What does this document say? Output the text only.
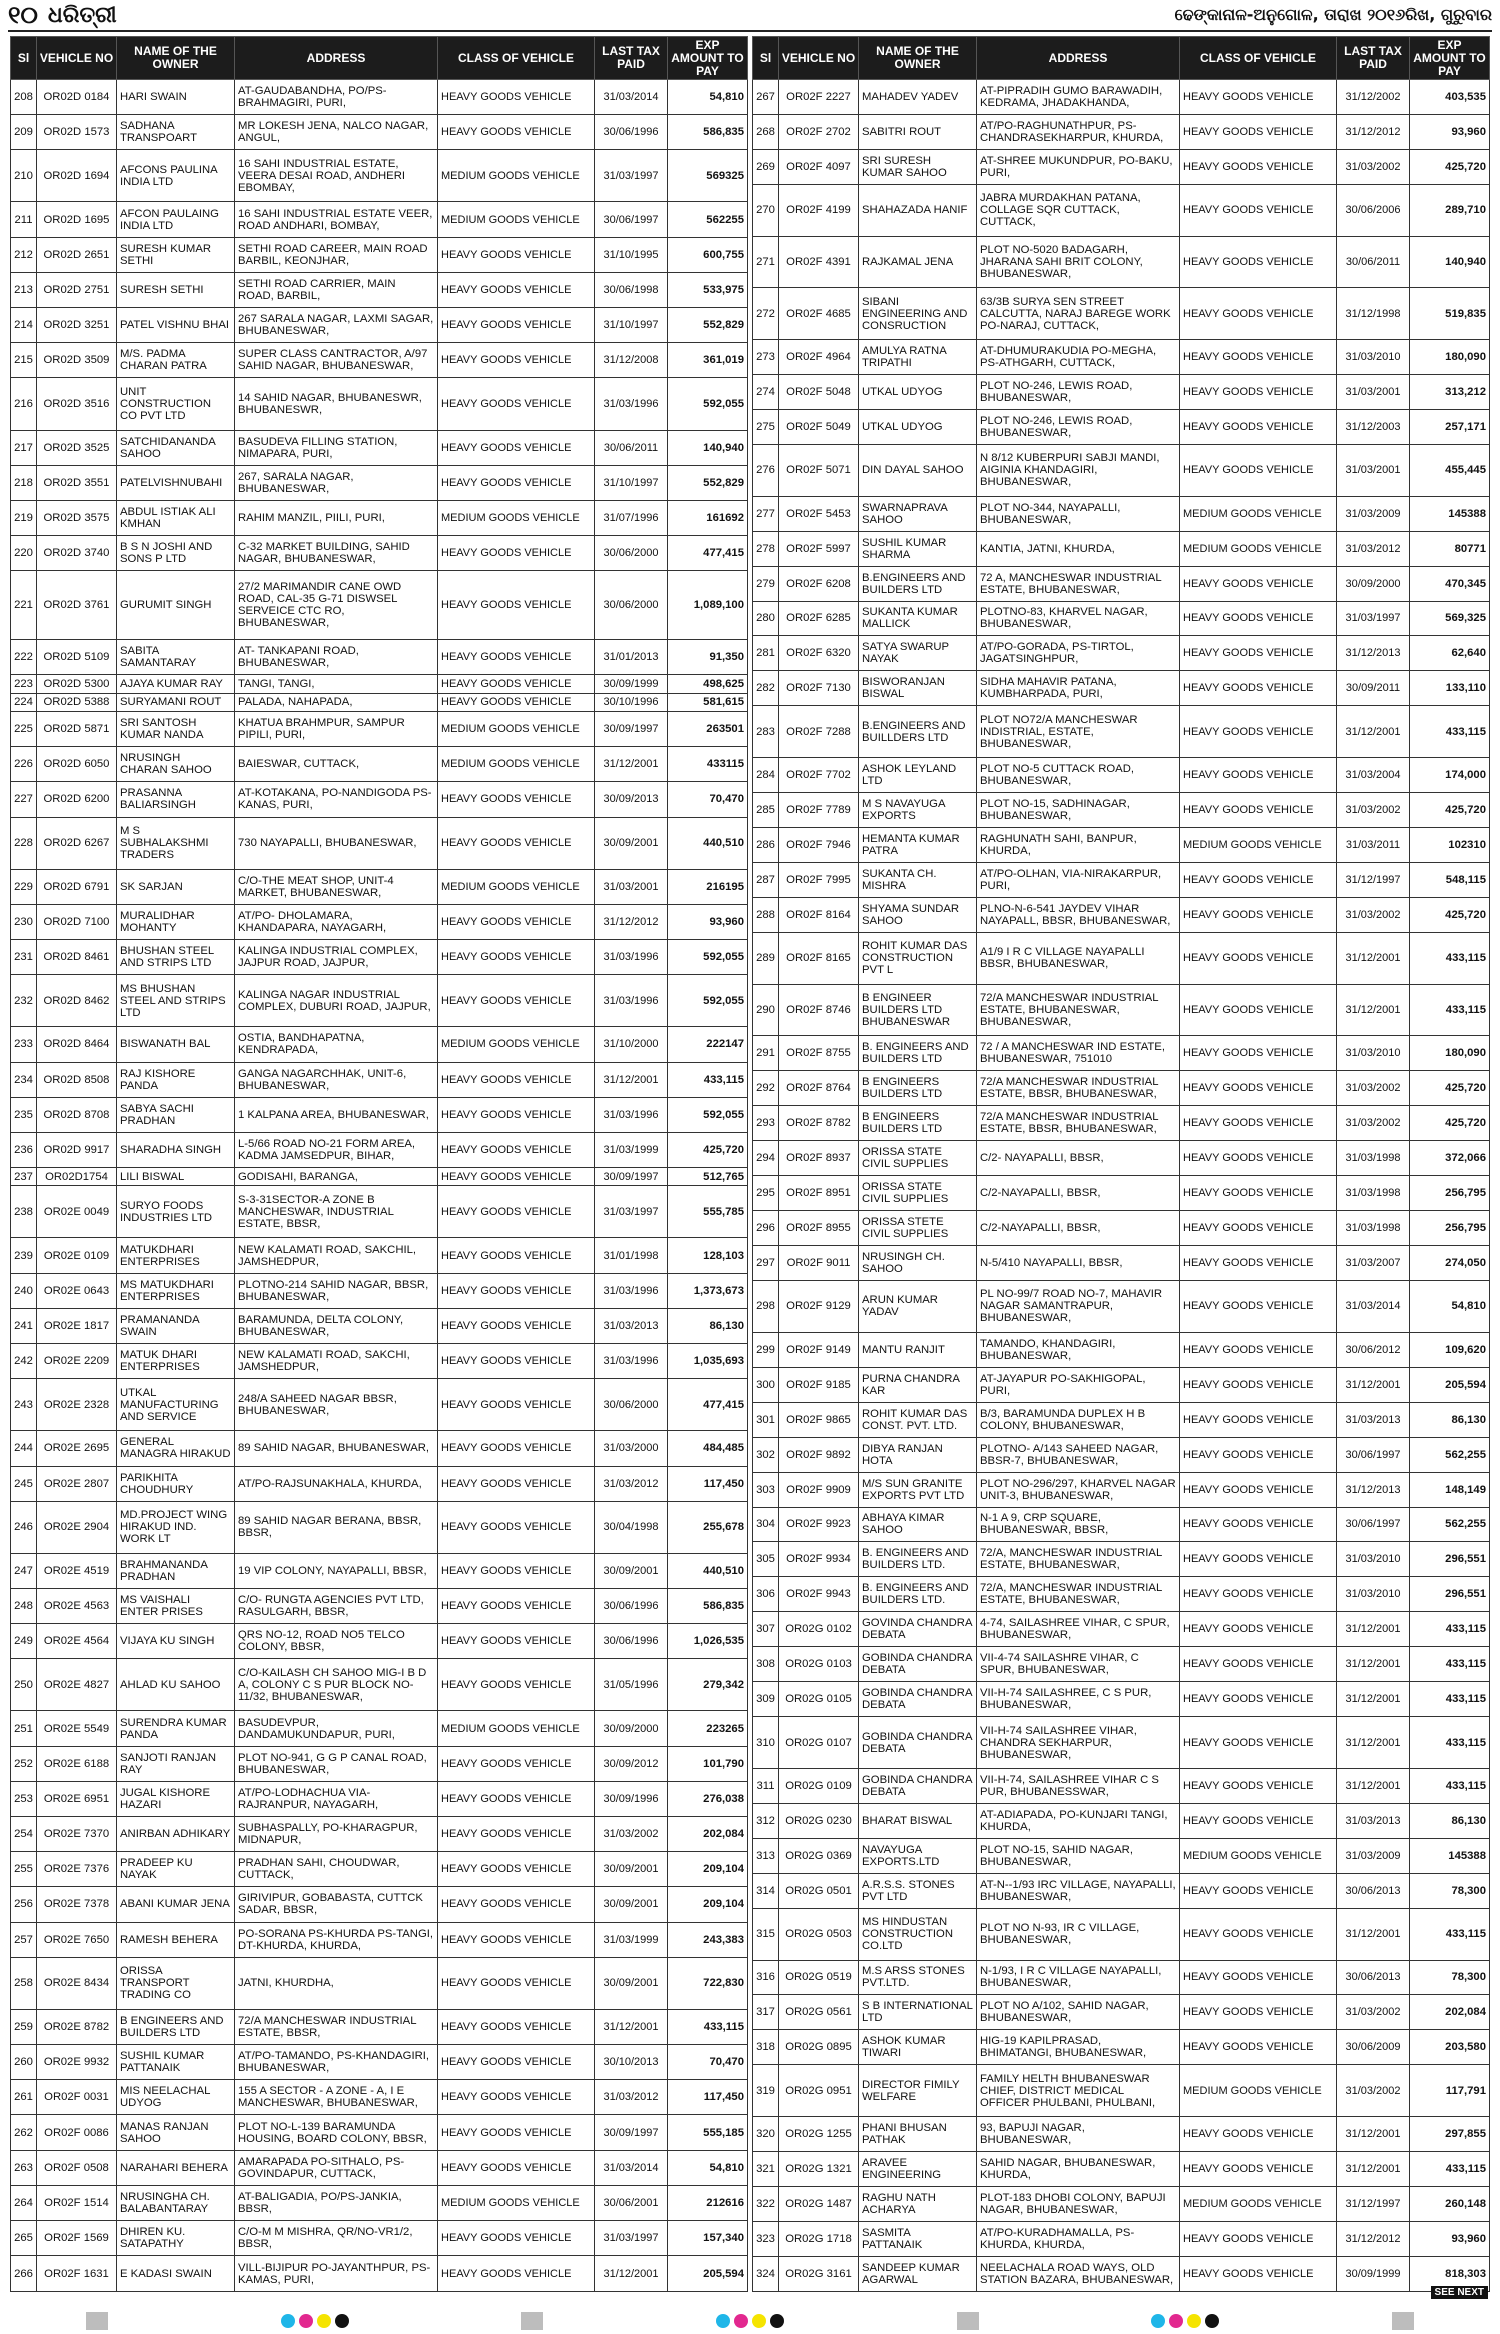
୧୦ ଧରିତ୍ରୀ	ଢେଙ୍କାନାଳ-ଅନୁଗୋଳ, ତାରାଖ ୨୦୧୬ରିଖ, ଗୁରୁବାର
Sl	VEHICLE NO	NAME OF THE OWNER	ADDRESS	CLASS OF VEHICLE	LAST TAX PAID	EXP AMOUNT TO PAY
208	OR02D 0184	HARI SWAIN	AT-GAUDABANDHA, PO/PS-BRAHMAGIRI, PURI,	HEAVY GOODS VEHICLE	31/03/2014	54,810
209	OR02D 1573	SADHANA TRANSPOART	MR LOKESH JENA, NALCO NAGAR, ANGUL,	HEAVY GOODS VEHICLE	30/06/1996	586,835
210	OR02D 1694	AFCONS PAULINA INDIA LTD	16 SAHI INDUSTRIAL ESTATE, VEERA DESAI ROAD, ANDHERI EBOMBAY,	MEDIUM GOODS VEHICLE	31/03/1997	569325
211	OR02D 1695	AFCON PAULAING INDIA LTD	16 SAHI INDUSTRIAL ESTATE VEER, ROAD ANDHARI, BOMBAY,	MEDIUM GOODS VEHICLE	30/06/1997	562255
212	OR02D 2651	SURESH KUMAR SETHI	SETHI ROAD CAREER, MAIN ROAD BARBIL, KEONJHAR,	HEAVY GOODS VEHICLE	31/10/1995	600,755
213	OR02D 2751	SURESH SETHI	SETHI ROAD CARRIER, MAIN ROAD, BARBIL,	HEAVY GOODS VEHICLE	30/06/1998	533,975
214	OR02D 3251	PATEL VISHNU BHAI	267 SARALA NAGAR, LAXMI SAGAR, BHUBANESWAR,	HEAVY GOODS VEHICLE	31/10/1997	552,829
215	OR02D 3509	M/S. PADMA CHARAN PATRA	SUPER CLASS CANTRACTOR, A/97 SAHID NAGAR, BHUBANESWAR,	HEAVY GOODS VEHICLE	31/12/2008	361,019
216	OR02D 3516	UNIT CONSTRUCTION CO PVT LTD	14 SAHID NAGAR, BHUBANESWR, BHUBANESWR,	HEAVY GOODS VEHICLE	31/03/1996	592,055
217	OR02D 3525	SATCHIDANANDA SAHOO	BASUDEVA FILLING STATION, NIMAPARA, PURI,	HEAVY GOODS VEHICLE	30/06/2011	140,940
218	OR02D 3551	PATELVISHNUBAHI	267, SARALA NAGAR, BHUBANESWAR,	HEAVY GOODS VEHICLE	31/10/1997	552,829
219	OR02D 3575	ABDUL ISTIAK ALI KMHAN	RAHIM MANZIL, PIILI, PURI,	MEDIUM GOODS VEHICLE	31/07/1996	161692
220	OR02D 3740	B S N JOSHI AND SONS P LTD	C-32 MARKET BUILDING, SAHID NAGAR, BHUBANESWAR,	HEAVY GOODS VEHICLE	30/06/2000	477,415
221	OR02D 3761	GURUMIT SINGH	27/2 MARIMANDIR CANE OWD ROAD, CAL-35 G-71 DISWSEL SERVEICE CTC RO, BHUBANESWAR,	HEAVY GOODS VEHICLE	30/06/2000	1,089,100
222	OR02D 5109	SABITA SAMANTARAY	AT- TANKAPANI ROAD, BHUBANESWAR,	HEAVY GOODS VEHICLE	31/01/2013	91,350
223	OR02D 5300	AJAYA KUMAR RAY	TANGI, TANGI,	HEAVY GOODS VEHICLE	30/09/1999	498,625
224	OR02D 5388	SURYAMANI ROUT	PALADA, NAHAPADA,	HEAVY GOODS VEHICLE	30/10/1996	581,615
225	OR02D 5871	SRI SANTOSH KUMAR NANDA	KHATUA BRAHMPUR, SAMPUR PIPILI, PURI,	MEDIUM GOODS VEHICLE	30/09/1997	263501
226	OR02D 6050	NRUSINGH CHARAN SAHOO	BAIESWAR, CUTTACK,	MEDIUM GOODS VEHICLE	31/12/2001	433115
227	OR02D 6200	PRASANNA BALIARSINGH	AT-KOTAKANA, PO-NANDIGODA PS-KANAS, PURI,	HEAVY GOODS VEHICLE	30/09/2013	70,470
228	OR02D 6267	M S SUBHALAKSHMI TRADERS	730 NAYAPALLI, BHUBANESWAR,	HEAVY GOODS VEHICLE	30/09/2001	440,510
229	OR02D 6791	SK SARJAN	C/O-THE MEAT SHOP, UNIT-4 MARKET, BHUBANESWAR,	MEDIUM GOODS VEHICLE	31/03/2001	216195
230	OR02D 7100	MURALIDHAR MOHANTY	AT/PO- DHOLAMARA, KHANDAPARA, NAYAGARH,	HEAVY GOODS VEHICLE	31/12/2012	93,960
231	OR02D 8461	BHUSHAN STEEL AND STRIPS LTD	KALINGA INDUSTRIAL COMPLEX, JAJPUR ROAD, JAJPUR,	HEAVY GOODS VEHICLE	31/03/1996	592,055
232	OR02D 8462	MS BHUSHAN STEEL AND STRIPS LTD	KALINGA NAGAR INDUSTRIAL COMPLEX, DUBURI ROAD, JAJPUR,	HEAVY GOODS VEHICLE	31/03/1996	592,055
233	OR02D 8464	BISWANATH BAL	OSTIA, BANDHAPATNA, KENDRAPADA,	MEDIUM GOODS VEHICLE	31/10/2000	222147
234	OR02D 8508	RAJ KISHORE PANDA	GANGA NAGARCHHAK, UNIT-6, BHUBANESWAR,	HEAVY GOODS VEHICLE	31/12/2001	433,115
235	OR02D 8708	SABYA SACHI PRADHAN	1 KALPANA AREA, BHUBANESWAR,	HEAVY GOODS VEHICLE	31/03/1996	592,055
236	OR02D 9917	SHARADHA SINGH	L-5/66 ROAD NO-21 FORM AREA, KADMA JAMSEDPUR, BIHAR,	HEAVY GOODS VEHICLE	31/03/1999	425,720
237	OR02D1754	LILI BISWAL	GODISAHI, BARANGA,	HEAVY GOODS VEHICLE	30/09/1997	512,765
238	OR02E 0049	SURYO FOODS INDUSTRIES LTD	S-3-31SECTOR-A ZONE B MANCHESWAR, INDUSTRIAL ESTATE, BBSR,	HEAVY GOODS VEHICLE	31/03/1997	555,785
239	OR02E 0109	MATUKDHARI ENTERPRISES	NEW KALAMATI ROAD, SAKCHIL, JAMSHEDPUR,	HEAVY GOODS VEHICLE	31/01/1998	128,103
240	OR02E 0643	MS MATUKDHARI ENTERPRISES	PLOTNO-214 SAHID NAGAR, BBSR, BHUBANESWAR,	HEAVY GOODS VEHICLE	31/03/1996	1,373,673
241	OR02E 1817	PRAMANANDA SWAIN	BARAMUNDA, DELTA COLONY, BHUBANESWAR,	HEAVY GOODS VEHICLE	31/03/2013	86,130
242	OR02E 2209	MATUK DHARI ENTERPRISES	NEW KALAMATI ROAD, SAKCHI, JAMSHEDPUR,	HEAVY GOODS VEHICLE	31/03/1996	1,035,693
243	OR02E 2328	UTKAL MANUFACTURING AND SERVICE	248/A SAHEED NAGAR BBSR, BHUBANESWAR,	HEAVY GOODS VEHICLE	30/06/2000	477,415
244	OR02E 2695	GENERAL MANAGRA HIRAKUD	89 SAHID NAGAR, BHUBANESWAR,	HEAVY GOODS VEHICLE	31/03/2000	484,485
245	OR02E 2807	PARIKHITA CHOUDHURY	AT/PO-RAJSUNAKHALA, KHURDA,	HEAVY GOODS VEHICLE	31/03/2012	117,450
246	OR02E 2904	MD.PROJECT WING HIRAKUD IND. WORK LT	89 SAHID NAGAR BERANA, BBSR, BBSR,	HEAVY GOODS VEHICLE	30/04/1998	255,678
247	OR02E 4519	BRAHMANANDA PRADHAN	19 VIP COLONY, NAYAPALLI, BBSR,	HEAVY GOODS VEHICLE	30/09/2001	440,510
248	OR02E 4563	MS VAISHALI ENTER PRISES	C/O- RUNGTA AGENCIES PVT LTD, RASULGARH, BBSR,	HEAVY GOODS VEHICLE	30/06/1996	586,835
249	OR02E 4564	VIJAYA KU SINGH	QRS NO-12, ROAD NO5 TELCO COLONY, BBSR,	HEAVY GOODS VEHICLE	30/06/1996	1,026,535
250	OR02E 4827	AHLAD KU SAHOO	C/O-KAILASH CH SAHOO MIG-I B D A, COLONY C S PUR BLOCK NO-11/32, BHUBANESWAR,	HEAVY GOODS VEHICLE	31/05/1996	279,342
251	OR02E 5549	SURENDRA KUMAR PANDA	BASUDEVPUR, DANDAMUKUNDAPUR, PURI,	MEDIUM GOODS VEHICLE	30/09/2000	223265
252	OR02E 6188	SANJOTI RANJAN RAY	PLOT NO-941, G G P CANAL ROAD, BHUBANESWAR,	HEAVY GOODS VEHICLE	30/09/2012	101,790
253	OR02E 6951	JUGAL KISHORE HAZARI	AT/PO-LODHACHUA VIA-RAJRANPUR, NAYAGARH,	HEAVY GOODS VEHICLE	30/09/1996	276,038
254	OR02E 7370	ANIRBAN ADHIKARY	SUBHASPALLY, PO-KHARAGPUR, MIDNAPUR,	HEAVY GOODS VEHICLE	31/03/2002	202,084
255	OR02E 7376	PRADEEP KU NAYAK	PRADHAN SAHI, CHOUDWAR, CUTTACK,	HEAVY GOODS VEHICLE	30/09/2001	209,104
256	OR02E 7378	ABANI KUMAR JENA	GIRIVIPUR, GOBABASTA, CUTTCK SADAR, BBSR,	HEAVY GOODS VEHICLE	30/09/2001	209,104
257	OR02E 7650	RAMESH BEHERA	PO-SORANA PS-KHURDA PS-TANGI, DT-KHURDA, KHURDA,	HEAVY GOODS VEHICLE	31/03/1999	243,383
258	OR02E 8434	ORISSA TRANSPORT TRADING CO	JATNI, KHURDHA,	HEAVY GOODS VEHICLE	30/09/2001	722,830
259	OR02E 8782	B ENGINEERS AND BUILDERS LTD	72/A MANCHESWAR INDUSTRIAL ESTATE, BBSR,	HEAVY GOODS VEHICLE	31/12/2001	433,115
260	OR02E 9932	SUSHIL KUMAR PATTANAIK	AT/PO-TAMANDO, PS-KHANDAGIRI, BHUBANESWAR,	HEAVY GOODS VEHICLE	30/10/2013	70,470
261	OR02F 0031	MIS NEELACHAL UDYOG	155 A SECTOR - A ZONE - A, I E MANCHESWAR, BHUBANESWAR,	HEAVY GOODS VEHICLE	31/03/2012	117,450
262	OR02F 0086	MANAS RANJAN SAHOO	PLOT NO-L-139 BARAMUNDA HOUSING, BOARD COLONY, BBSR,	HEAVY GOODS VEHICLE	30/09/1997	555,185
263	OR02F 0508	NARAHARI BEHERA	AMARAPADA PO-SITHALO, PS-GOVINDAPUR, CUTTACK,	HEAVY GOODS VEHICLE	31/03/2014	54,810
264	OR02F 1514	NRUSINGHA CH. BALABANTARAY	AT-BALIGADIA, PO/PS-JANKIA, BBSR,	MEDIUM GOODS VEHICLE	30/06/2001	212616
265	OR02F 1569	DHIREN KU. SATAPATHY	C/O-M M MISHRA, QR/NO-VR1/2, BBSR,	HEAVY GOODS VEHICLE	31/03/1997	157,340
266	OR02F 1631	E KADASI SWAIN	VILL-BIJIPUR PO-JAYANTHPUR, PS-KAMAS, PURI,	HEAVY GOODS VEHICLE	31/12/2001	205,594
Sl	VEHICLE NO	NAME OF THE OWNER	ADDRESS	CLASS OF VEHICLE	LAST TAX PAID	EXP AMOUNT TO PAY
267	OR02F 2227	MAHADEV YADEV	AT-PIPRADIH GUMO BARAWADIH, KEDRAMA, JHADAKHANDA,	HEAVY GOODS VEHICLE	31/12/2002	403,535
268	OR02F 2702	SABITRI ROUT	AT/PO-RAGHUNATHPUR, PS-CHANDRASEKHARPUR, KHURDA,	HEAVY GOODS VEHICLE	31/12/2012	93,960
269	OR02F 4097	SRI SURESH KUMAR SAHOO	AT-SHREE MUKUNDPUR, PO-BAKU, PURI,	HEAVY GOODS VEHICLE	31/03/2002	425,720
270	OR02F 4199	SHAHAZADA HANIF	JABRA MURDAKHAN PATANA, COLLAGE SQR CUTTACK, CUTTACK,	HEAVY GOODS VEHICLE	30/06/2006	289,710
271	OR02F 4391	RAJKAMAL JENA	PLOT NO-5020 BADAGARH, JHARANA SAHI BRIT COLONY, BHUBANESWAR,	HEAVY GOODS VEHICLE	30/06/2011	140,940
272	OR02F 4685	SIBANI ENGINEERING AND CONSRUCTION	63/3B SURYA SEN STREET CALCUTTA, NARAJ BAREGE WORK PO-NARAJ, CUTTACK,	HEAVY GOODS VEHICLE	31/12/1998	519,835
273	OR02F 4964	AMULYA RATNA TRIPATHI	AT-DHUMURAKUDIA PO-MEGHA, PS-ATHGARH, CUTTACK,	HEAVY GOODS VEHICLE	31/03/2010	180,090
274	OR02F 5048	UTKAL UDYOG	PLOT NO-246, LEWIS ROAD, BHUBANESWAR,	HEAVY GOODS VEHICLE	31/03/2001	313,212
275	OR02F 5049	UTKAL UDYOG	PLOT NO-246, LEWIS ROAD, BHUBANESWAR,	HEAVY GOODS VEHICLE	31/12/2003	257,171
276	OR02F 5071	DIN DAYAL SAHOO	N 8/12 KUBERPURI SABJI MANDI, AIGINIA KHANDAGIRI, BHUBANESWAR,	HEAVY GOODS VEHICLE	31/03/2001	455,445
277	OR02F 5453	SWARNAPRAVA SAHOO	PLOT NO-344, NAYAPALLI, BHUBANESWAR,	MEDIUM GOODS VEHICLE	31/03/2009	145388
278	OR02F 5997	SUSHIL KUMAR SHARMA	KANTIA, JATNI, KHURDA,	MEDIUM GOODS VEHICLE	31/03/2012	80771
279	OR02F 6208	B.ENGINEERS AND BUILDERS LTD	72 A, MANCHESWAR INDUSTRIAL ESTATE, BHUBANESWAR,	HEAVY GOODS VEHICLE	30/09/2000	470,345
280	OR02F 6285	SUKANTA KUMAR MALLICK	PLOTNO-83, KHARVEL NAGAR, BHUBANESWAR,	HEAVY GOODS VEHICLE	31/03/1997	569,325
281	OR02F 6320	SATYA SWARUP NAYAK	AT/PO-GORADA, PS-TIRTOL, JAGATSINGHPUR,	HEAVY GOODS VEHICLE	31/12/2013	62,640
282	OR02F 7130	BISWORANJAN BISWAL	SIDHA MAHAVIR PATANA, KUMBHARPADA, PURI,	HEAVY GOODS VEHICLE	30/09/2011	133,110
283	OR02F 7288	B.ENGINEERS AND BUILLDERS LTD	PLOT NO72/A MANCHESWAR INDISTRIAL, ESTATE, BHUBANESWAR,	HEAVY GOODS VEHICLE	31/12/2001	433,115
284	OR02F 7702	ASHOK LEYLAND LTD	PLOT NO-5 CUTTACK ROAD, BHUBANESWAR,	HEAVY GOODS VEHICLE	31/03/2004	174,000
285	OR02F 7789	M S NAVAYUGA EXPORTS	PLOT NO-15, SADHINAGAR, BHUBANESWAR,	HEAVY GOODS VEHICLE	31/03/2002	425,720
286	OR02F 7946	HEMANTA KUMAR PATRA	RAGHUNATH SAHI, BANPUR, KHURDA,	MEDIUM GOODS VEHICLE	31/03/2011	102310
287	OR02F 7995	SUKANTA CH. MISHRA	AT/PO-OLHAN, VIA-NIRAKARPUR, PURI,	HEAVY GOODS VEHICLE	31/12/1997	548,115
288	OR02F 8164	SHYAMA SUNDAR SAHOO	PLNO-N-6-541 JAYDEV VIHAR NAYAPALL, BBSR, BHUBANESWAR,	HEAVY GOODS VEHICLE	31/03/2002	425,720
289	OR02F 8165	ROHIT KUMAR DAS CONSTRUCTION PVT L	A1/9 I R C VILLAGE NAYAPALLI BBSR, BHUBANESWAR,	HEAVY GOODS VEHICLE	31/12/2001	433,115
290	OR02F 8746	B ENGINEER BUILDERS LTD BHUBANESWAR	72/A MANCHESWAR INDUSTRIAL ESTATE, BHUBANESWAR, BHUBANESWAR,	HEAVY GOODS VEHICLE	31/12/2001	433,115
291	OR02F 8755	B. ENGINEERS AND BUILDERS LTD	72 / A MANCHESWAR IND ESTATE, BHUBANESWAR, 751010	HEAVY GOODS VEHICLE	31/03/2010	180,090
292	OR02F 8764	B ENGINEERS BUILDERS LTD	72/A MANCHESWAR INDUSTRIAL ESTATE, BBSR, BHUBANESWAR,	HEAVY GOODS VEHICLE	31/03/2002	425,720
293	OR02F 8782	B ENGINEERS BUILDERS LTD	72/A MANCHESWAR INDUSTRIAL ESTATE, BBSR, BHUBANESWAR,	HEAVY GOODS VEHICLE	31/03/2002	425,720
294	OR02F 8937	ORISSA STATE CIVIL SUPPLIES	C/2- NAYAPALLI, BBSR,	HEAVY GOODS VEHICLE	31/03/1998	372,066
295	OR02F 8951	ORISSA STATE CIVIL SUPPLIES	C/2-NAYAPALLI, BBSR,	HEAVY GOODS VEHICLE	31/03/1998	256,795
296	OR02F 8955	ORISSA STETE CIVIL SUPPLIES	C/2-NAYAPALLI, BBSR,	HEAVY GOODS VEHICLE	31/03/1998	256,795
297	OR02F 9011	NRUSINGH CH. SAHOO	N-5/410 NAYAPALLI, BBSR,	HEAVY GOODS VEHICLE	31/03/2007	274,050
298	OR02F 9129	ARUN KUMAR YADAV	PL NO-99/7 ROAD NO-7, MAHAVIR NAGAR SAMANTRAPUR, BHUBANESWAR,	HEAVY GOODS VEHICLE	31/03/2014	54,810
299	OR02F 9149	MANTU RANJIT	TAMANDO, KHANDAGIRI, BHUBANESWAR,	HEAVY GOODS VEHICLE	30/06/2012	109,620
300	OR02F 9185	PURNA CHANDRA KAR	AT-JAYAPUR PO-SAKHIGOPAL, PURI,	HEAVY GOODS VEHICLE	31/12/2001	205,594
301	OR02F 9865	ROHIT KUMAR DAS CONST. PVT. LTD.	B/3, BARAMUNDA DUPLEX H B COLONY, BHUBANESWAR,	HEAVY GOODS VEHICLE	31/03/2013	86,130
302	OR02F 9892	DIBYA RANJAN HOTA	PLOTNO- A/143 SAHEED NAGAR, BBSR-7, BHUBANESWAR,	HEAVY GOODS VEHICLE	30/06/1997	562,255
303	OR02F 9909	M/S SUN GRANITE EXPORTS PVT LTD	PLOT NO-296/297, KHARVEL NAGAR UNIT-3, BHUBANESWAR,	HEAVY GOODS VEHICLE	31/12/2013	148,149
304	OR02F 9923	ABHAYA KIMAR SAHOO	N-1 A 9, CRP SQUARE, BHUBANESWAR, BBSR,	HEAVY GOODS VEHICLE	30/06/1997	562,255
305	OR02F 9934	B. ENGINEERS AND BUILDERS LTD.	72/A, MANCHESWAR INDUSTRIAL ESTATE, BHUBANESWAR,	HEAVY GOODS VEHICLE	31/03/2010	296,551
306	OR02F 9943	B. ENGINEERS AND BUILDERS LTD.	72/A, MANCHESWAR INDUSTRIAL ESTATE, BHUBANESWAR,	HEAVY GOODS VEHICLE	31/03/2010	296,551
307	OR02G 0102	GOVINDA CHANDRA DEBATA	4-74, SAILASHREE VIHAR, C SPUR, BHUBANESWAR,	HEAVY GOODS VEHICLE	31/12/2001	433,115
308	OR02G 0103	GOBINDA CHANDRA DEBATA	VII-4-74 SAILASHRE VIHAR, C SPUR, BHUBANESWAR,	HEAVY GOODS VEHICLE	31/12/2001	433,115
309	OR02G 0105	GOBINDA CHANDRA DEBATA	VII-H-74 SAILASHREE, C S PUR, BHUBANESWAR,	HEAVY GOODS VEHICLE	31/12/2001	433,115
310	OR02G 0107	GOBINDA CHANDRA DEBATA	VII-H-74 SAILASHREE VIHAR, CHANDRA SEKHARPUR, BHUBANESWAR,	HEAVY GOODS VEHICLE	31/12/2001	433,115
311	OR02G 0109	GOBINDA CHANDRA DEBATA	VII-H-74, SAILASHREE VIHAR C S PUR, BHUBANESSWAR,	HEAVY GOODS VEHICLE	31/12/2001	433,115
312	OR02G 0230	BHARAT BISWAL	AT-ADIAPADA, PO-KUNJARI TANGI, KHURDA,	HEAVY GOODS VEHICLE	31/03/2013	86,130
313	OR02G 0369	NAVAYUGA EXPORTS.LTD	PLOT NO-15, SAHID NAGAR, BHUBANESWAR,	MEDIUM GOODS VEHICLE	31/03/2009	145388
314	OR02G 0501	A.R.S.S. STONES PVT LTD	AT-N--1/93 IRC VILLAGE, NAYAPALLI, BHUBANESWAR,	HEAVY GOODS VEHICLE	30/06/2013	78,300
315	OR02G 0503	MS HINDUSTAN CONSTRUCTION CO.LTD	PLOT NO N-93, IR C VILLAGE, BHUBANESWAR,	HEAVY GOODS VEHICLE	31/12/2001	433,115
316	OR02G 0519	M.S ARSS STONES PVT.LTD.	N-1/93, I R C VILLAGE NAYAPALLI, BHUBANESWAR,	HEAVY GOODS VEHICLE	30/06/2013	78,300
317	OR02G 0561	S B INTERNATIONAL LTD	PLOT NO A/102, SAHID NAGAR, BHUBANESWAR,	HEAVY GOODS VEHICLE	31/03/2002	202,084
318	OR02G 0895	ASHOK KUMAR TIWARI	HIG-19 KAPILPRASAD, BHIMATANGI, BHUBANESWAR,	HEAVY GOODS VEHICLE	30/06/2009	203,580
319	OR02G 0951	DIRECTOR FIMILY WELFARE	FAMILY HELTH BHUBANESWAR CHIEF, DISTRICT MEDICAL OFFICER PHULBANI, PHULBANI,	MEDIUM GOODS VEHICLE	31/03/2002	117,791
320	OR02G 1255	PHANI BHUSAN PATHAK	93, BAPUJI NAGAR, BHUBANESWAR,	HEAVY GOODS VEHICLE	31/12/2001	297,855
321	OR02G 1321	ARAVEE ENGINEERING	SAHID NAGAR, BHUBANESWAR, KHURDA,	HEAVY GOODS VEHICLE	31/12/2001	433,115
322	OR02G 1487	RAGHU NATH ACHARYA	PLOT-183 DHOBI COLONY, BAPUJI NAGAR, BHUBANESWAR,	MEDIUM GOODS VEHICLE	31/12/1997	260,148
323	OR02G 1718	SASMITA PATTANAIK	AT/PO-KURADHAMALLA, PS-KHURDA, KHURDA,	HEAVY GOODS VEHICLE	31/12/2012	93,960
324	OR02G 3161	SANDEEP KUMAR AGARWAL	NEELACHALA ROAD WAYS, OLD STATION BAZARA, BHUBANESWAR,	HEAVY GOODS VEHICLE	30/09/1999	818,303
SEE NEXT
